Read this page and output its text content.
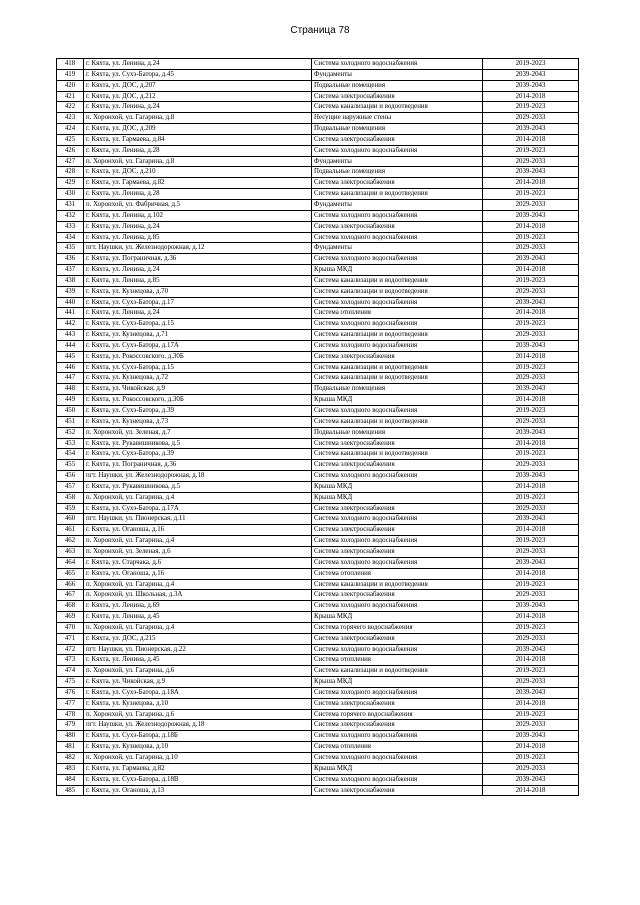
Страница 78
418	г. Кяхта, ул. Ленина, д.24	Система холодного водоснабжения	2019-2023
419	г. Кяхта, ул. Сухэ-Батора, д.45	Фундаменты	2039-2043
420	г. Кяхта, ул. ДОС, д.207	Подвальные помещения	2039-2043
421	г. Кяхта, ул. ДОС, д.212	Система электроснабжения	2014-2018
422	г. Кяхта, ул. Ленина, д.24	Система канализации и водоотведения	2019-2023
423	п. Хоронхой, ул. Гагарина, д.8	Несущие наружные стены	2029-2033
424	г. Кяхта, ул. ДОС, д.209	Подвальные помещения	2039-2043
425	г. Кяхта, ул. Гармаева, д.84	Система электроснабжения	2014-2018
426	г. Кяхта, ул. Ленина, д.28	Система холодного водоснабжения	2019-2023
427	п. Хоронхой, ул. Гагарина, д.8	Фундаменты	2029-2033
428	г. Кяхта, ул. ДОС, д.210	Подвальные помещения	2039-2043
429	г. Кяхта, ул. Гармаева, д.82	Система электроснабжения	2014-2018
430	г. Кяхта, ул. Ленина, д.28	Система канализации и водоотведения	2019-2023
431	п. Хоронхой, ул. Фабричная, д.5	Фундаменты	2029-2033
432	г. Кяхта, ул. Ленина, д.102	Система холодного водоснабжения	2039-2043
433	г. Кяхта, ул. Ленина, д.24	Система электроснабжения	2014-2018
434	г. Кяхта, ул. Ленина, д.85	Система холодного водоснабжения	2019-2023
435	пгт. Наушки, ул. Железнодорожная, д.12	Фундаменты	2029-2033
436	г. Кяхта, ул. Пограничная, д.36	Система холодного водоснабжения	2039-2043
437	г. Кяхта, ул. Ленина, д.24	Крыша МКД	2014-2018
438	г. Кяхта, ул. Ленина, д.85	Система канализации и водоотведения	2019-2023
439	г. Кяхта, ул. Кузнецова, д.70	Система канализации и водоотведения	2029-2033
440	г. Кяхта, ул. Сухэ-Батора, д.17	Система холодного водоснабжения	2039-2043
441	г. Кяхта, ул. Ленина, д.24	Система отопления	2014-2018
442	г. Кяхта, ул. Сухэ-Батора, д.15	Система холодного водоснабжения	2019-2023
443	г. Кяхта, ул. Кузнецова, д.71	Система канализации и водоотведения	2029-2033
444	г. Кяхта, ул. Сухэ-Батора, д.17А	Система холодного водоснабжения	2039-2043
445	г. Кяхта, ул. Рокоссовского, д.30Б	Система электроснабжения	2014-2018
446	г. Кяхта, ул. Сухэ-Батора, д.15	Система канализации и водоотведения	2019-2023
447	г. Кяхта, ул. Кузнецова, д.72	Система канализации и водоотведения	2029-2033
448	г. Кяхта, ул. Чикойская, д.9	Подвальные помещения	2039-2043
449	г. Кяхта, ул. Рокоссовского, д.30Б	Крыша МКД	2014-2018
450	г. Кяхта, ул. Сухэ-Батора, д.39	Система холодного водоснабжения	2019-2023
451	г. Кяхта, ул. Кузнецова, д.73	Система канализации и водоотведения	2029-2033
452	п. Хоронхой, ул. Зеленая, д.7	Подвальные помещения	2039-2043
453	г. Кяхта, ул. Рукавишникова, д.5	Система электроснабжения	2014-2018
454	г. Кяхта, ул. Сухэ-Батора, д.39	Система канализации и водоотведения	2019-2023
455	г. Кяхта, ул. Пограничная, д.36	Система электроснабжения	2029-2033
456	пгт. Наушки, ул. Железнодорожная, д.18	Система холодного водоснабжения	2039-2043
457	г. Кяхта, ул. Рукавишникова, д.5	Крыша МКД	2014-2018
458	п. Хоронхой, ул. Гагарина, д.4	Крыша МКД	2019-2023
459	г. Кяхта, ул. Сухэ-Батора, д.17А	Система электроснабжения	2029-2033
460	пгт. Наушки, ул. Пионерская, д.11	Система холодного водоснабжения	2039-2043
461	г. Кяхта, ул. Оганоша, д.16	Система электроснабжения	2014-2018
462	п. Хоронхой, ул. Гагарина, д.4	Система холодного водоснабжения	2019-2023
463	п. Хоронхой, ул. Зеленая, д.6	Система электроснабжения	2029-2033
464	г. Кяхта, ул. Старчака, д.6	Система холодного водоснабжения	2039-2043
465	г. Кяхта, ул. Оганоша, д.16	Система отопления	2014-2018
466	п. Хоронхой, ул. Гагарина, д.4	Система канализации и водоотведения	2019-2023
467	п. Хоронхой, ул. Школьная, д.3А	Система электроснабжения	2029-2033
468	г. Кяхта, ул. Ленина, д.69	Система холодного водоснабжения	2039-2043
469	г. Кяхта, ул. Ленина, д.45	Крыша МКД	2014-2018
470	п. Хоронхой, ул. Гагарина, д.4	Система горячего водоснабжения	2019-2023
471	г. Кяхта, ул. ДОС, д.215	Система электроснабжения	2029-2033
472	пгт. Наушки, ул. Пионерская, д.22	Система холодного водоснабжения	2039-2043
473	г. Кяхта, ул. Ленина, д.45	Система отопления	2014-2018
474	п. Хоронхой, ул. Гагарина, д.6	Система канализации и водоотведения	2019-2023
475	г. Кяхта, ул. Чикойская, д.9	Крыша МКД	2029-2033
476	г. Кяхта, ул. Сухэ-Батора, д.18А	Система холодного водоснабжения	2039-2043
477	г. Кяхта, ул. Кузнецова, д.10	Система электроснабжения	2014-2018
478	п. Хоронхой, ул. Гагарина, д.6	Система горячего водоснабжения	2019-2023
479	пгт. Наушки, ул. Железнодорожная, д.18	Система электроснабжения	2029-2033
480	г. Кяхта, ул. Сухэ-Батора, д.18Б	Система холодного водоснабжения	2039-2043
481	г. Кяхта, ул. Кузнецова, д.10	Система отопления	2014-2018
482	п. Хоронхой, ул. Гагарина, д.10	Система холодного водоснабжения	2019-2023
483	г. Кяхта, ул. Гармаева, д.82	Крыша МКД	2029-2033
484	г. Кяхта, ул. Сухэ-Батора, д.18В	Система холодного водоснабжения	2039-2043
485	г. Кяхта, ул. Оганоша, д.13	Система электроснабжения	2014-2018
